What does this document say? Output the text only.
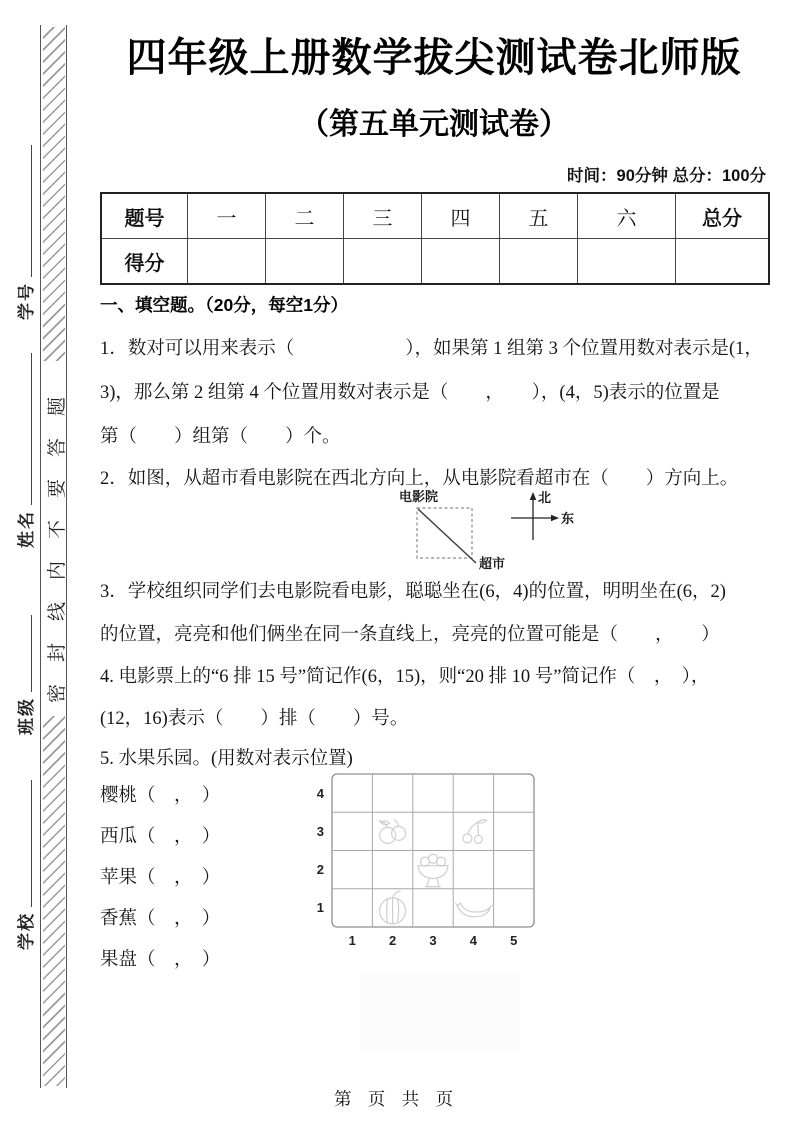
学号
姓名
班级
学校
密封线内不要答题
四年级上册数学拔尖测试卷北师版
（第五单元测试卷）
时间：90分钟 总分：100分
题号	一	二	三	四	五	六	总分
得分
一、填空题。（20分，每空1分）
1．数对可以用来表示（　　　　　　），如果第 1 组第 3 个位置用数对表示是(1，
3)，那么第 2 组第 4 个位置用数对表示是（　　，　　），(4，5)表示的位置是
第（　　）组第（　　）个。
2．如图，从超市看电影院在西北方向上，从电影院看超市在（　　）方向上。
电影院
超市
北
东
3．学校组织同学们去电影院看电影，聪聪坐在(6，4)的位置，明明坐在(6，2)
的位置，亮亮和他们俩坐在同一条直线上，亮亮的位置可能是（　　，　　）
4. 电影票上的“6 排 15 号”简记作(6，15)，则“20 排 10 号”简记作（　，　），
(12，16)表示（　　）排（　　）号。
5. 水果乐园。(用数对表示位置)
樱桃（　，　）
西瓜（　，　）
苹果（　，　）
香蕉（　，　）
果盘（　，　）
4
3
2
1
1	2	3	4	5
第 页 共 页
